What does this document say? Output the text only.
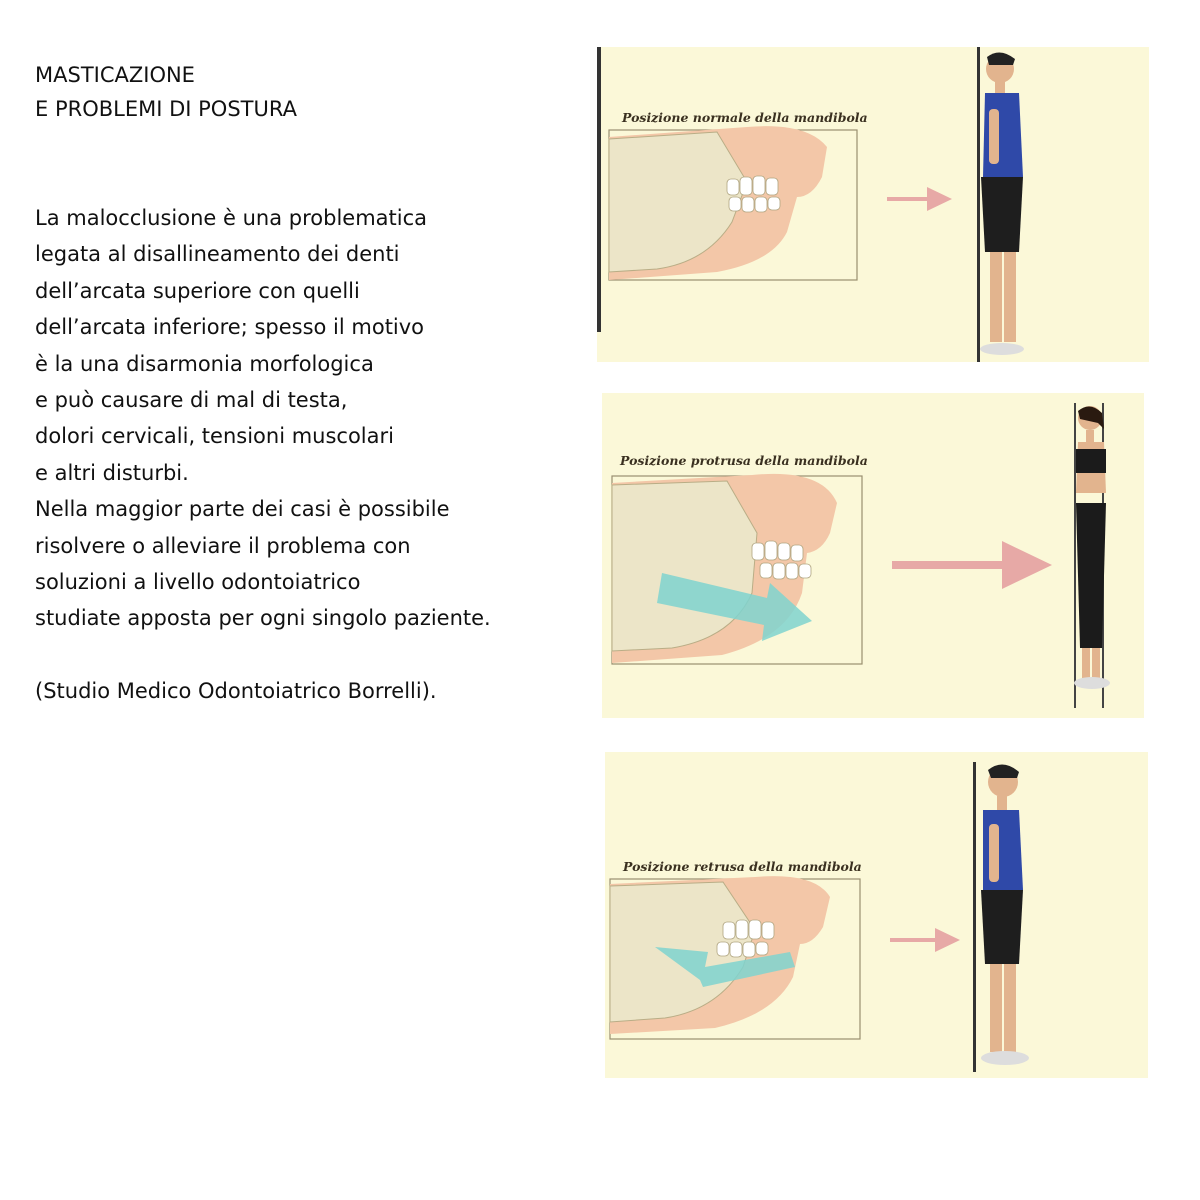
MASTICAZIONE
E PROBLEMI DI POSTURA
La malocclusione è una problematica
legata al disallineamento dei denti
dell’arcata superiore con quelli
dell’arcata inferiore; spesso il motivo
è la una disarmonia morfologica
e può causare di mal di testa,
dolori cervicali, tensioni muscolari
e altri disturbi.
Nella maggior parte dei casi è possibile
risolvere o alleviare il problema con
soluzioni a livello odontoiatrico
studiate apposta per ogni singolo paziente.
(Studio Medico Odontoiatrico Borrelli).
Posizione normale della mandibola
Posizione protrusa della mandibola
Posizione retrusa della mandibola
